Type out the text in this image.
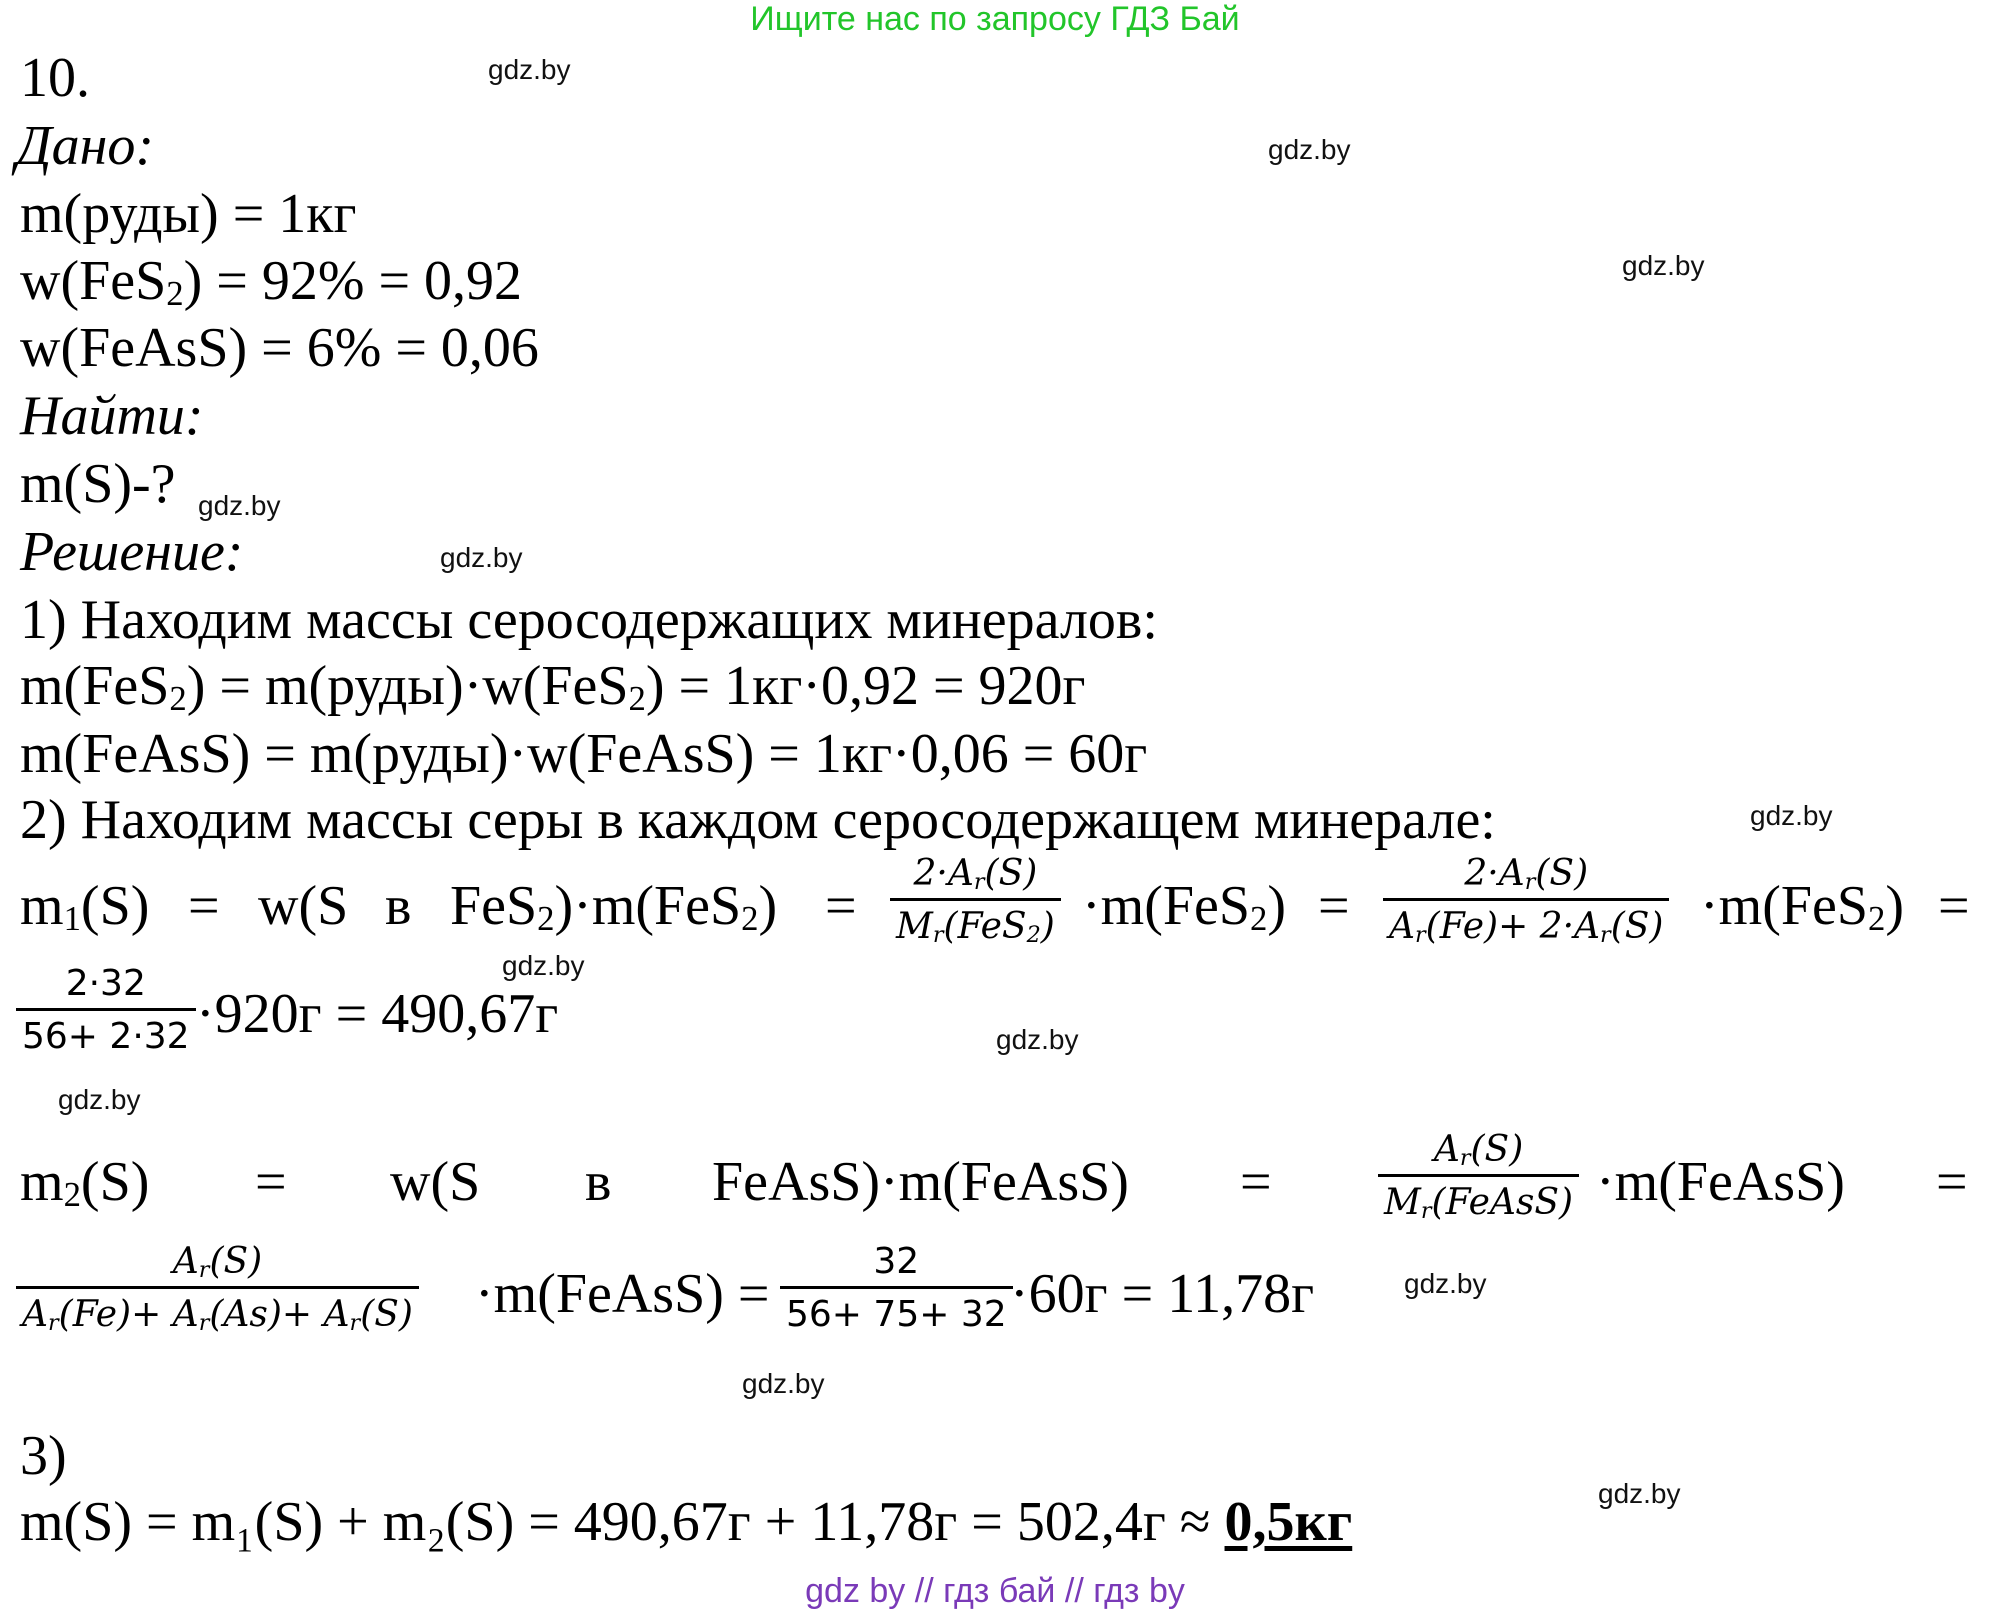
Ищите нас по запросу ГДЗ Бай
10.
Дано:
m(руды) = 1кг
w(FeS$_2$) = 92% = 0,92
w(FeAsS) = 6% = 0,06
Найти:
m(S)-?
Решение:
1) Находим массы серосодержащих минералов:
m(FeS$_2$) = m(руды)·w(FeS$_2$) = 1кг·0,92 = 920г
m(FeAsS) = m(руды)·w(FeAsS) = 1кг·0,06 = 60г
2) Находим массы серы в каждом серосодержащем минерале:
$m_1(S) = w(S$ в FeS$_2$)·m(FeS$_2$) =
$2\cdot A_r(S)$
$M_r(FeS_2) \cdot m(FeS_2) = \frac{2\cdot A_r(S)}{A_r(Fe)+ 2\cdot A_r(S)} \cdot m(FeS_2)$ =
$\frac{2\cdot 32}{56+ 2\cdot 32} \cdot 920г = 490,67г$
$m_2(S) = w(S$ в FeAsS)·m(FeAsS) =
$A_r(S)$
$M_r(FeAsS)$ ·m(FeAsS) =
$\frac{A_r(S)}{A_r(Fe)+ A_r(As)+ A_r(S)}$ ·m(FeAsS) = $\frac{32}{56+ 75+ 32}$
·60г = 11,78г
3)
m(S) = m₁(S) + m₂(S) = 490,67г + 11,78г = 502,4г ≈ 0,5кг
gdz.by
gdz.by
gdz.by
gdz.by
gdz.by
gdz.by
gdz.by
gdz.by
gdz.by
gdz.by
gdz.by
gdz.by
gdz by // гдз бай // гдз by
